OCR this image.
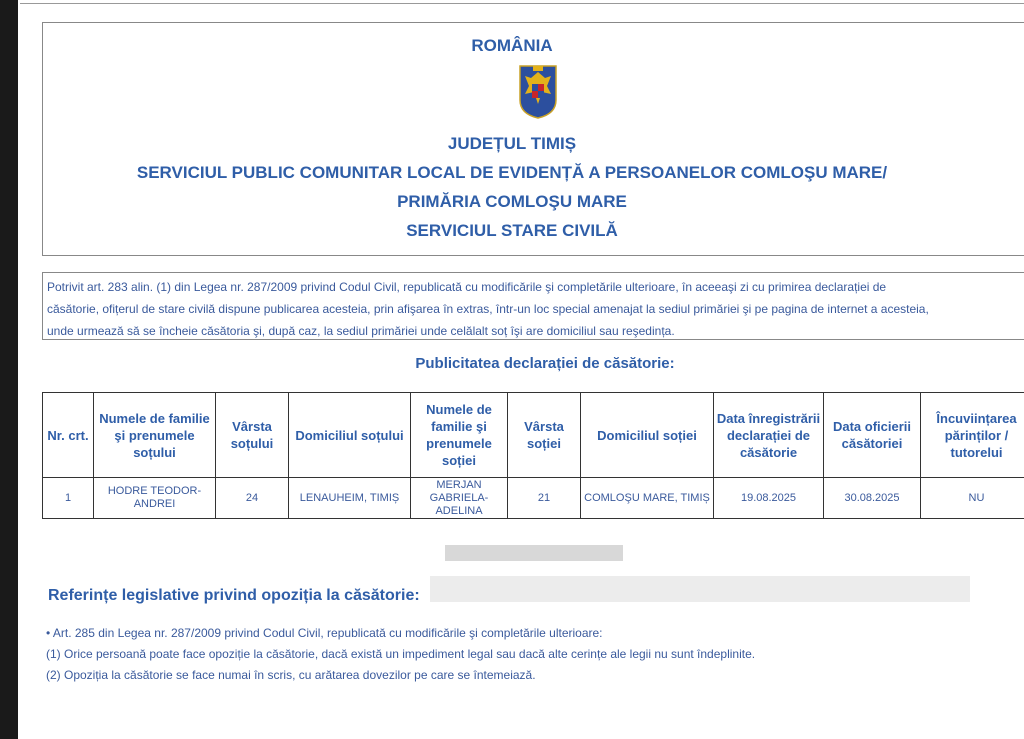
ROMÂNIA
JUDEȚUL TIMIȘ
SERVICIUL PUBLIC COMUNITAR LOCAL DE EVIDENȚĂ A PERSOANELOR COMLOŞU MARE/
PRIMĂRIA COMLOŞU MARE
SERVICIUL STARE CIVILĂ
Potrivit art. 283 alin. (1) din Legea nr. 287/2009 privind Codul Civil, republicată cu modificările şi completările ulterioare, în aceeaşi zi cu primirea declarației de
căsătorie, ofițerul de stare civilă dispune publicarea acesteia, prin afişarea în extras, într-un loc special amenajat la sediul primăriei şi pe pagina de internet a acesteia,
unde urmează să se încheie căsătoria şi, după caz, la sediul primăriei unde celălalt soț îşi are domiciliul sau reşedința.
Publicitatea declarației de căsătorie:
Nr. crt.	Numele de familie şi prenumele soțului	Vârsta soțului	Domiciliul soțului	Numele de familie şi prenumele soției	Vârsta soției	Domiciliul soției	Data înregistrării declarației de căsătorie	Data oficierii căsătoriei	Încuviințarea părinților / tutorelui
1	HODRE TEODOR-ANDREI	24	LENAUHEIM, TIMIȘ	MERJAN GABRIELA-ADELINA	21	COMLOŞU MARE, TIMIȘ	19.08.2025	30.08.2025	NU
Referințe legislative privind opoziția la căsătorie:
• Art. 285 din Legea nr. 287/2009 privind Codul Civil, republicată cu modificările şi completările ulterioare:
(1) Orice persoană poate face opoziție la căsătorie, dacă există un impediment legal sau dacă alte cerințe ale legii nu sunt îndeplinite.
(2) Opoziția la căsătorie se face numai în scris, cu arătarea dovezilor pe care se întemeiază.
